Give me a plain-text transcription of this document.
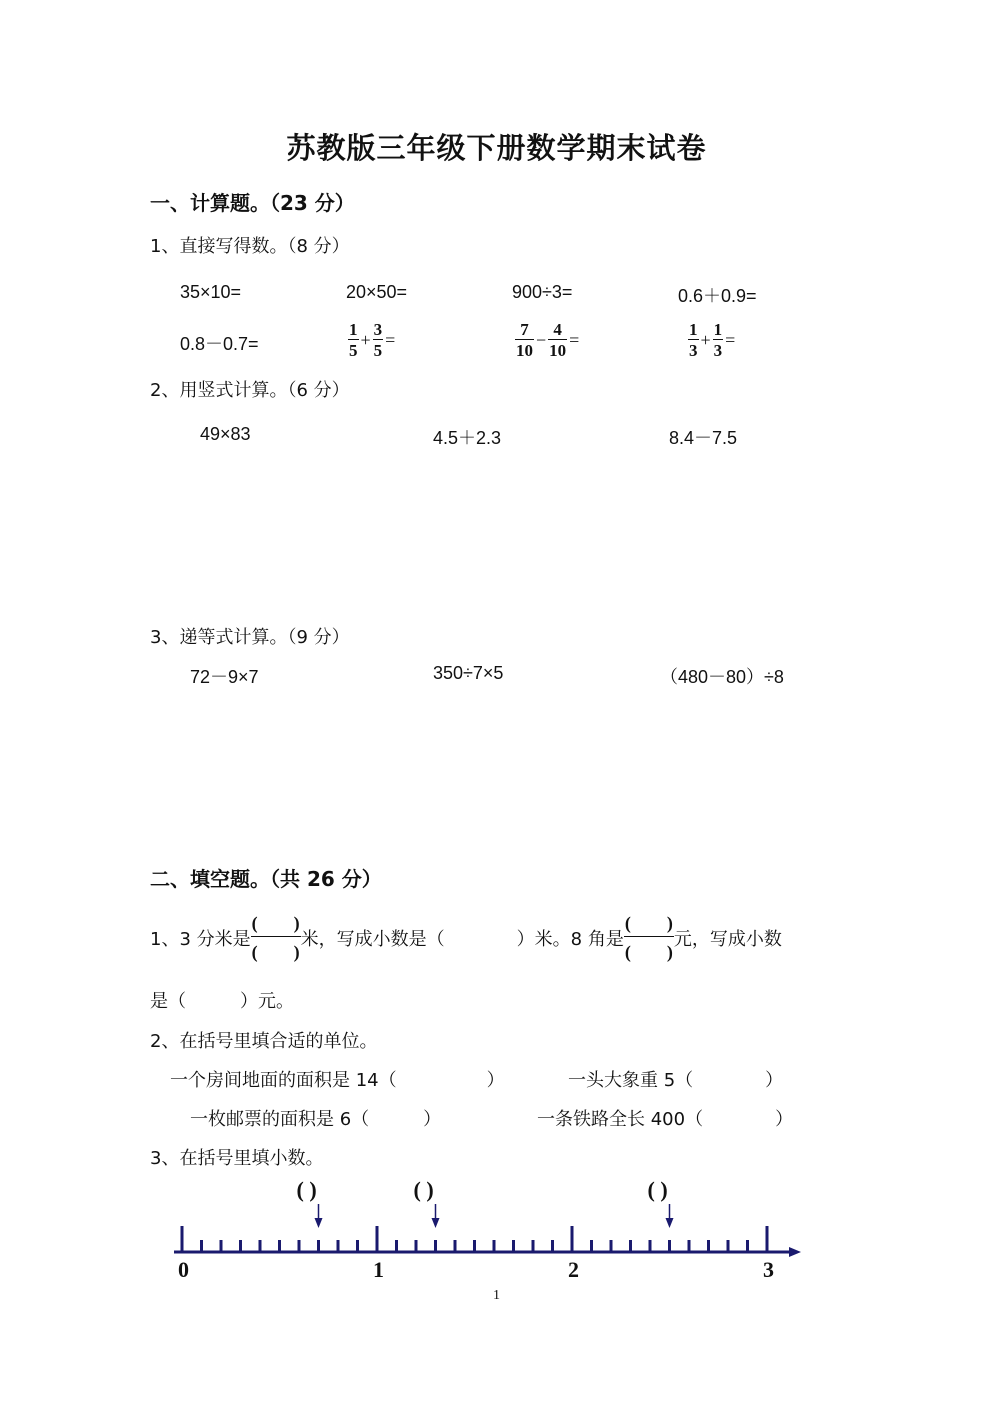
苏教版三年级下册数学期末试卷
一、计算题。（23 分）
1、直接写得数。（8 分）
35×10=	20×50=	900÷3=	0.6＋0.9=
0.8－0.7=	$\frac{1}{5} + \frac{3}{5}$ =	$\frac{7}{10} - \frac{4}{10}$ =	$\frac{1}{3} + \frac{1}{3}$ =
2、用竖式计算。（6 分）
49×83	4.5＋2.3	8.4－7.5
3、递等式计算。（9 分）
72－9×7	350÷7×5	（480－80）÷8
二、填空题。（共 26 分）
1、3 分米是 $\frac{( )}{( )}$ 米，写成小数是（　　　　）米。8 角是 $\frac{( )}{( )}$ 元，写成小数
是（　　　）元。
2、在括号里填合适的单位。
一个房间地面的面积是 14（　　　　　）	一头大象重 5（　　　　）
一枚邮票的面积是 6（　　　）	一条铁路全长 400（　　　　）
3、在括号里填小数。
0	1	2	3
( )	( )	( )
1
